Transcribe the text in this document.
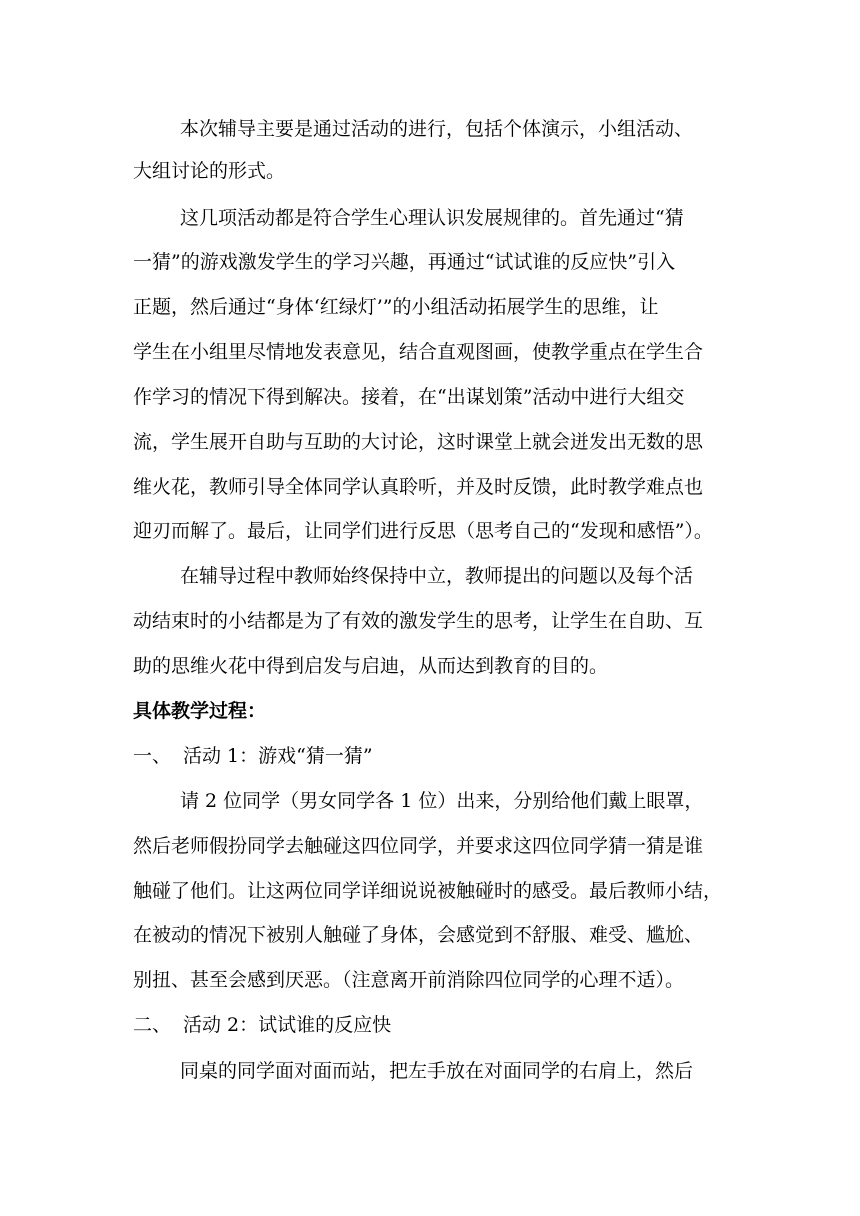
本次辅导主要是通过活动的进行，包括个体演示，小组活动、
大组讨论的形式。
这几项活动都是符合学生心理认识发展规律的。首先通过“猜
一猜”的游戏激发学生的学习兴趣，再通过“试试谁的反应快”引入
正题，然后通过“身体‘红绿灯’”的小组活动拓展学生的思维，让
学生在小组里尽情地发表意见，结合直观图画，使教学重点在学生合
作学习的情况下得到解决。接着，在“出谋划策”活动中进行大组交
流，学生展开自助与互助的大讨论，这时课堂上就会迸发出无数的思
维火花，教师引导全体同学认真聆听，并及时反馈，此时教学难点也
迎刃而解了。最后，让同学们进行反思（思考自己的“发现和感悟”）。
在辅导过程中教师始终保持中立，教师提出的问题以及每个活
动结束时的小结都是为了有效的激发学生的思考，让学生在自助、互
助的思维火花中得到启发与启迪，从而达到教育的目的。
具体教学过程：
一、 活动 1：游戏“猜一猜”
请 2 位同学（男女同学各 1 位）出来，分别给他们戴上眼罩，
然后老师假扮同学去触碰这四位同学，并要求这四位同学猜一猜是谁
触碰了他们。让这两位同学详细说说被触碰时的感受。最后教师小结，
在被动的情况下被别人触碰了身体，会感觉到不舒服、难受、尴尬、
别扭、甚至会感到厌恶。（注意离开前消除四位同学的心理不适）。
二、 活动 2：试试谁的反应快
同桌的同学面对面而站，把左手放在对面同学的右肩上，然后
